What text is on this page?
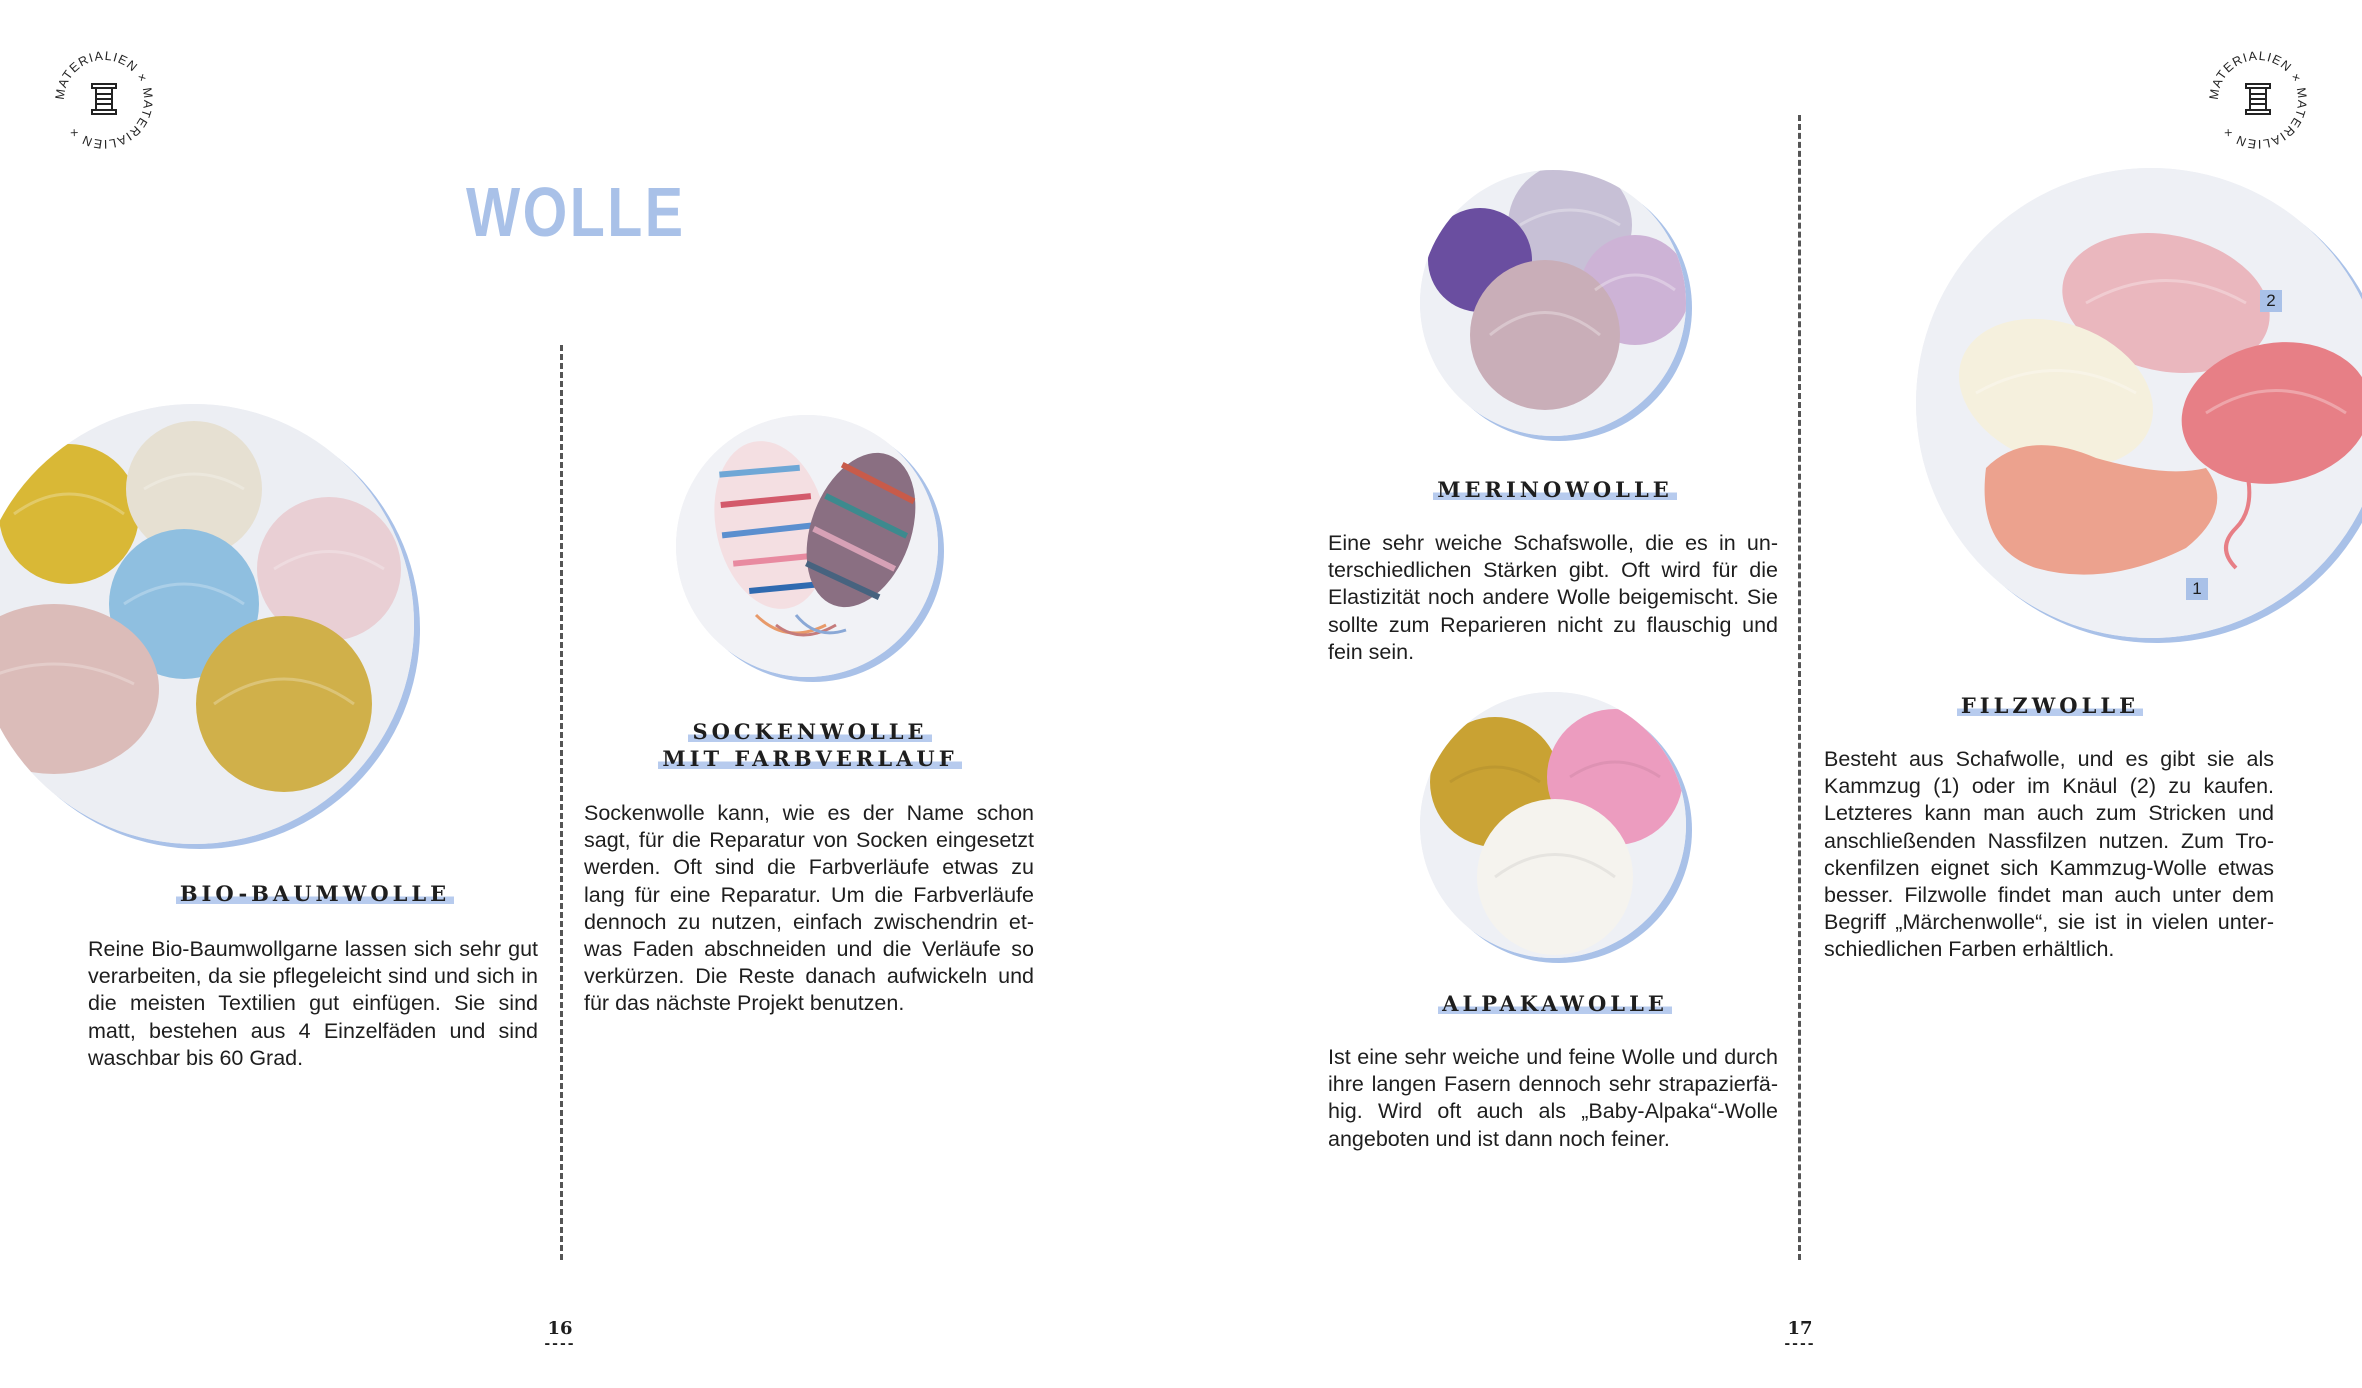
MATERIALIEN × MATERIALIEN ×
MATERIALIEN × MATERIALIEN ×
WOLLE
BIO-BAUMWOLLE
Reine Bio-Baumwollgarne lassen sich sehr gut verarbeiten, da sie pflegeleicht sind und sich in die meisten Textilien gut einfügen. Sie sind matt, bestehen aus 4 Einzelfäden und sind waschbar bis 60 Grad.
SOCKENWOLLE
MIT FARBVERLAUF
Sockenwolle kann, wie es der Name schon sagt, für die Reparatur von Socken eingesetzt werden. Oft sind die Farbverläufe etwas zu lang für eine Reparatur. Um die Farbverläufe dennoch zu nutzen, einfach zwischendrin etwas Faden abschneiden und die Verläufe so verkürzen. Die Reste danach aufwickeln und für das nächste Projekt benutzen.
MERINOWOLLE
Eine sehr weiche Schafswolle, die es in unterschiedlichen Stärken gibt. Oft wird für die Elastizität noch andere Wolle beigemischt. Sie sollte zum Reparieren nicht zu flauschig und fein sein.
ALPAKAWOLLE
Ist eine sehr weiche und feine Wolle und durch ihre langen Fasern dennoch sehr strapazierfähig. Wird oft auch als „Baby-Alpaka“-Wolle angeboten und ist dann noch feiner.
2
1
FILZWOLLE
Besteht aus Schafwolle, und es gibt sie als Kammzug (1) oder im Knäul (2) zu kaufen. Letzteres kann man auch zum Stricken und anschließenden Nassfilzen nutzen. Zum Trockenfilzen eignet sich Kammzug-Wolle etwas besser. Filzwolle findet man auch unter dem Begriff „Märchenwolle“, sie ist in vielen unterschiedlichen Farben erhältlich.
16
----
17
----
